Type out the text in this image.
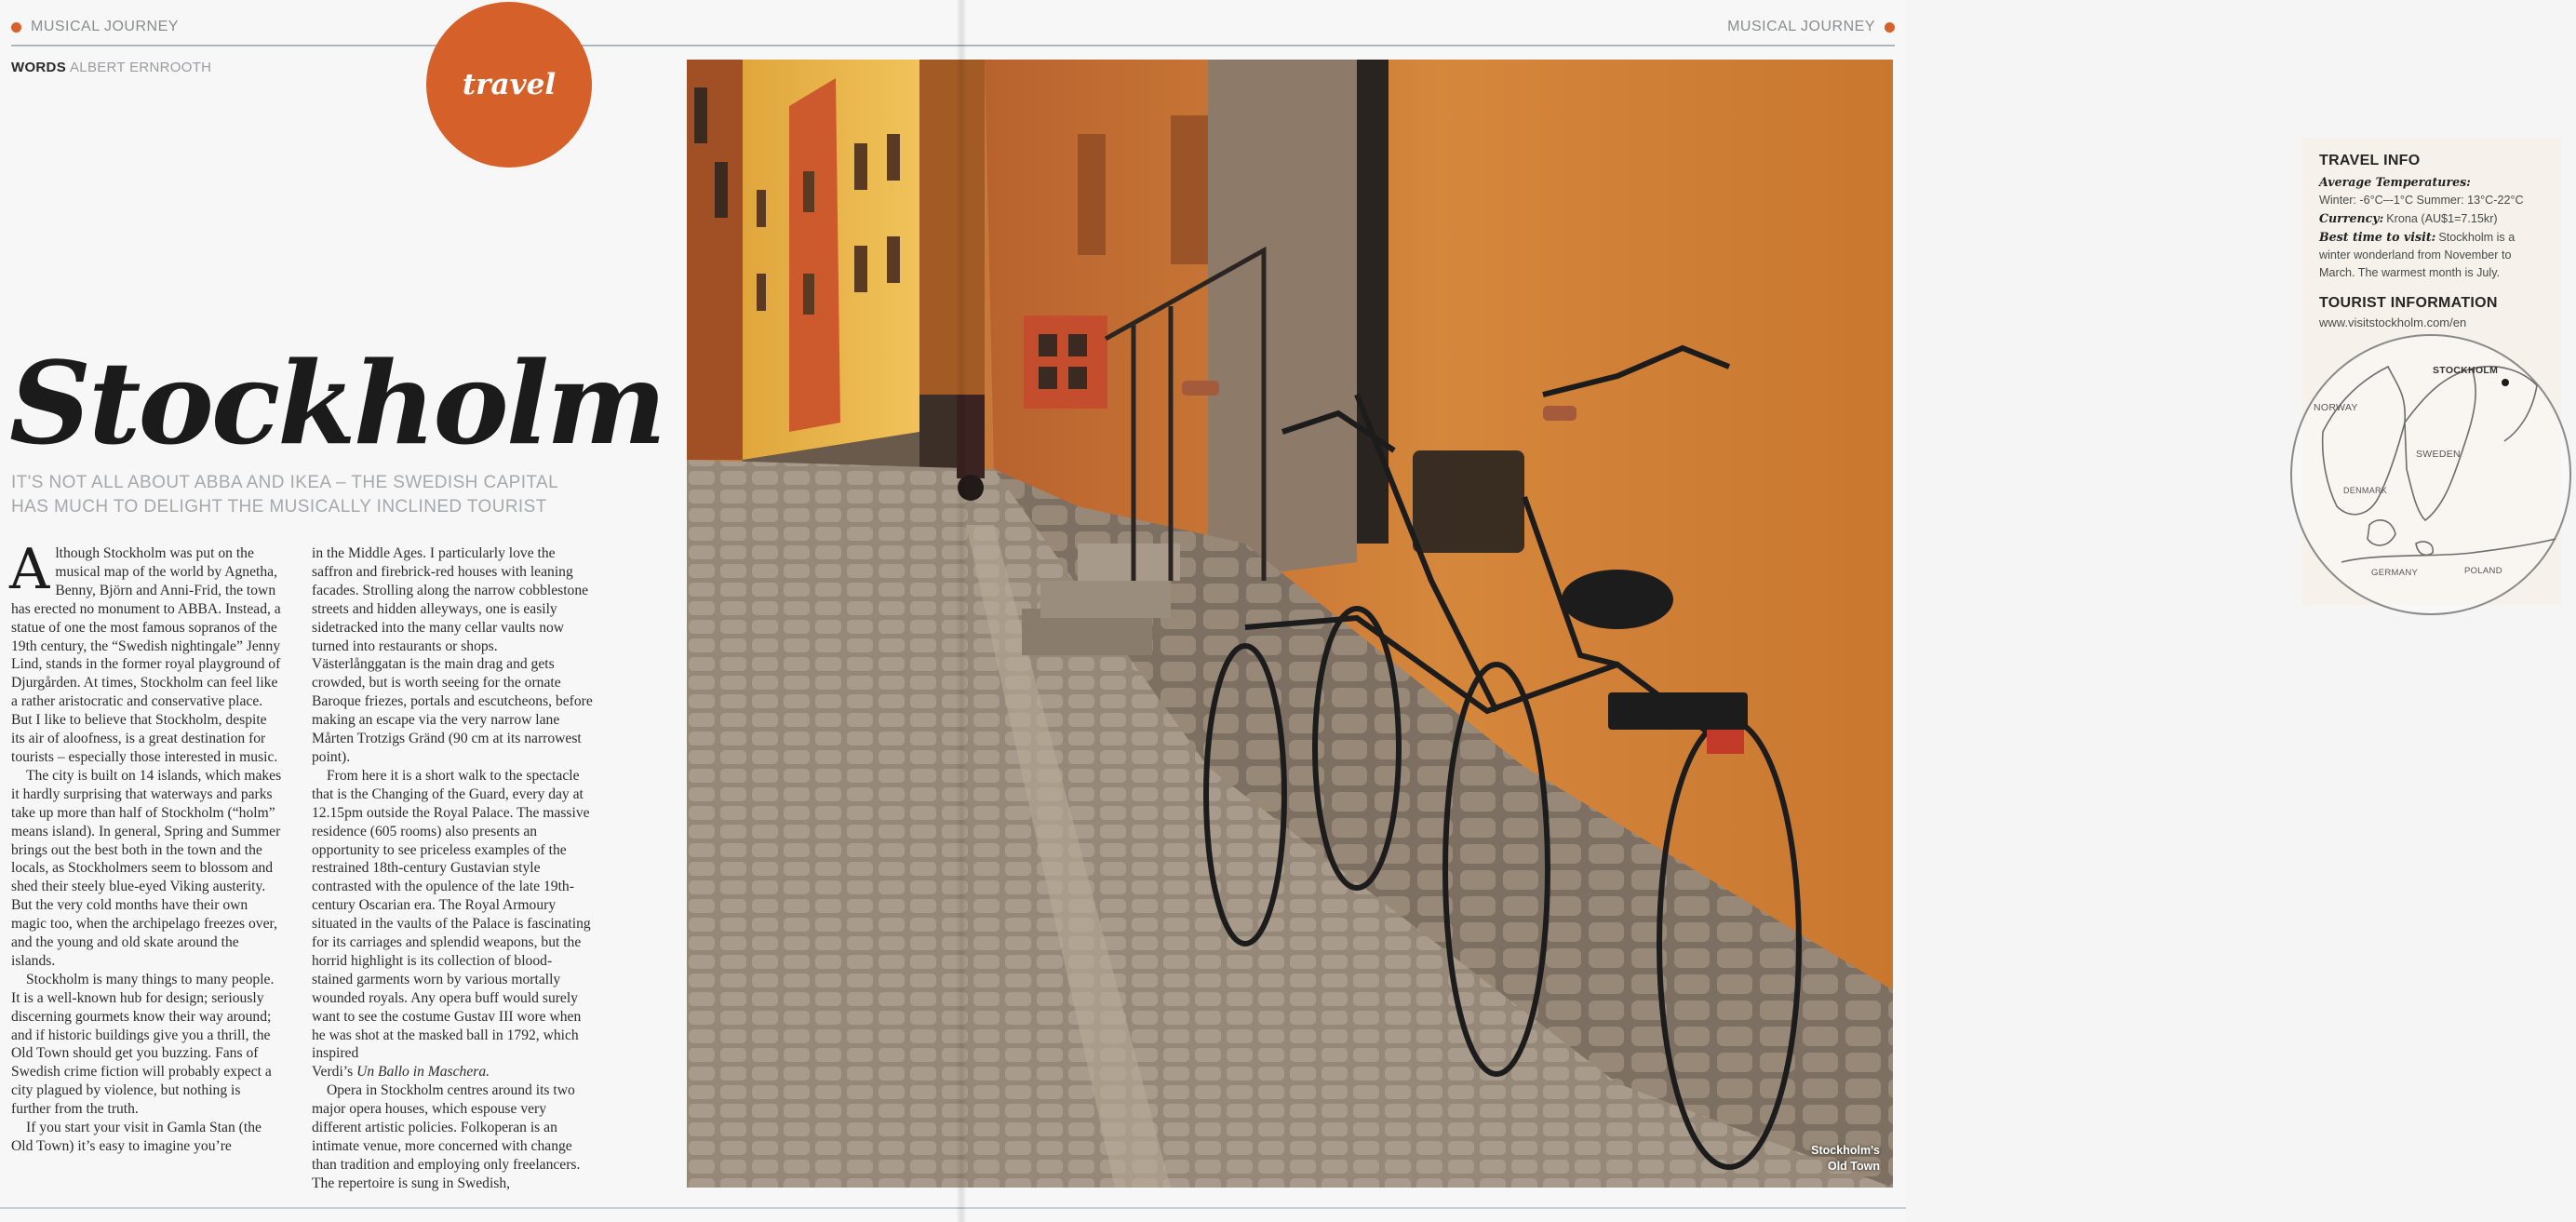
MUSICAL JOURNEY	MUSICAL JOURNEY
WORDS ALBERT ERNROOTH
travel
Stockholm
IT'S NOT ALL ABOUT ABBA AND IKEA – THE SWEDISH CAPITAL
HAS MUCH TO DELIGHT THE MUSICALLY INCLINED TOURIST

Although Stockholm was put on the musical map of the world by Agnetha, Benny, Björn and Anni-Frid, the town has erected no monument to ABBA. Instead, a statue of one the most famous sopranos of the 19th century, the “Swedish nightingale” Jenny Lind, stands in the former royal playground of Djurgården. At times, Stockholm can feel like a rather aristocratic and conservative place. But I like to believe that Stockholm, despite its air of aloofness, is a great destination for tourists – especially those interested in music.

The city is built on 14 islands, which makes it hardly surprising that waterways and parks take up more than half of Stockholm (“holm” means island). In general, Spring and Summer brings out the best both in the town and the locals, as Stockholmers seem to blossom and shed their steely blue-eyed Viking austerity. But the very cold months have their own magic too, when the archipelago freezes over, and the young and old skate around the islands.

Stockholm is many things to many people. It is a well-known hub for design; seriously discerning gourmets know their way around; and if historic buildings give you a thrill, the Old Town should get you buzzing. Fans of Swedish crime fiction will probably expect a city plagued by violence, but nothing is further from the truth.

If you start your visit in Gamla Stan (the Old Town) it’s easy to imagine you’re

in the Middle Ages. I particularly love the saffron and firebrick-red houses with leaning facades. Strolling along the narrow cobblestone streets and hidden alleyways, one is easily sidetracked into the many cellar vaults now turned into restaurants or shops. Västerlånggatan is the main drag and gets crowded, but is worth seeing for the ornate Baroque friezes, portals and escutcheons, before making an escape via the very narrow lane Mårten Trotzigs Gränd (90 cm at its narrowest point).

From here it is a short walk to the spectacle that is the Changing of the Guard, every day at 12.15pm outside the Royal Palace. The massive residence (605 rooms) also presents an opportunity to see priceless examples of the restrained 18th-century Gustavian style contrasted with the opulence of the late 19th-century Oscarian era. The Royal Armoury situated in the vaults of the Palace is fascinating for its carriages and splendid weapons, but the horrid highlight is its collection of blood-stained garments worn by various mortally wounded royals. Any opera buff would surely want to see the costume Gustav III wore when he was shot at the masked ball in 1792, which inspired

Verdi’s Un Ballo in Maschera.

Opera in Stockholm centres around its two major opera houses, which espouse very different artistic policies. Folkoperan is an intimate venue, more concerned with change than tradition and employing only freelancers. The repertoire is sung in Swedish,

TRAVEL INFO
Average Temperatures:
Winter: -6°C–-1°C Summer: 13°C-22°C
Currency: Krona (AU$1=7.15kr)
Best time to visit: Stockholm is a winter wonderland from November to March. The warmest month is July.
TOURIST INFORMATION
www.visitstockholm.com/en
STOCKHOLM
NORWAY
SWEDEN
DENMARK
GERMANY	POLAND
Stockholm's
Old Town
